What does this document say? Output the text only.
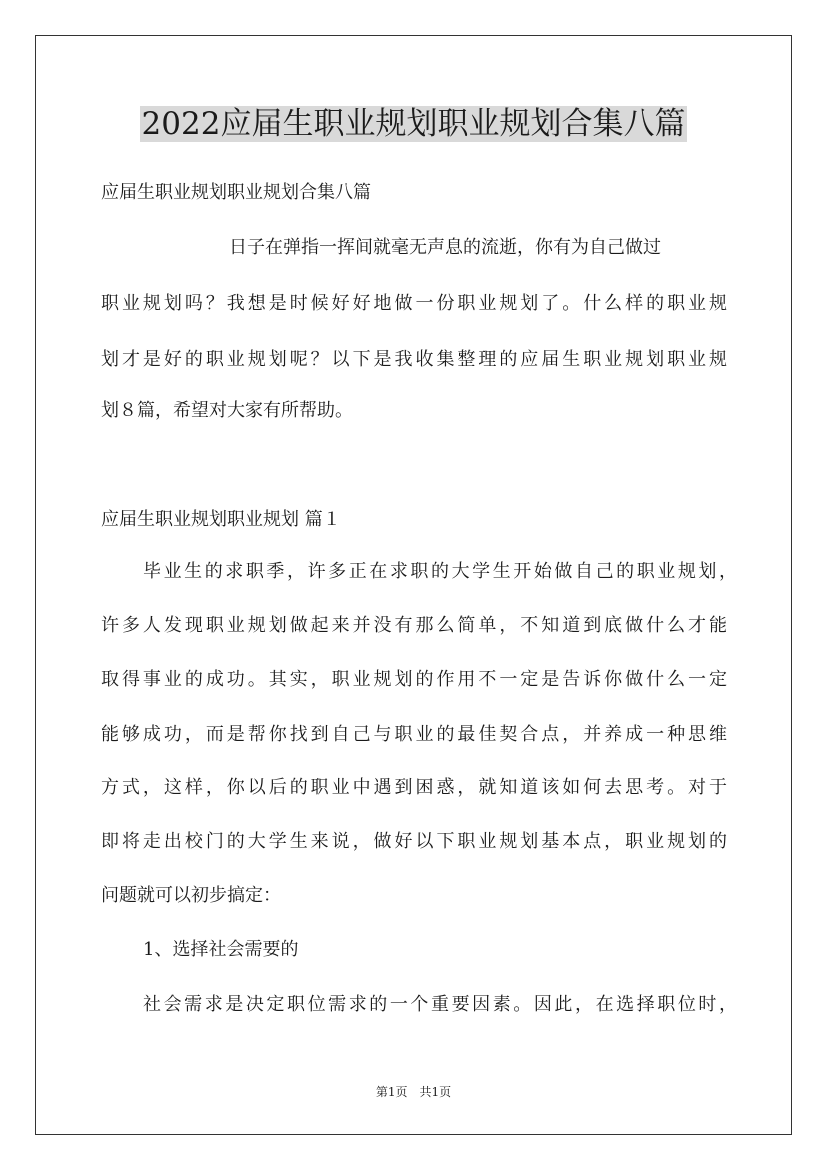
2022应届生职业规划职业规划合集八篇

应届生职业规划职业规划合集八篇

日子在弹指一挥间就毫无声息的流逝，你有为自己做过

职业规划吗？我想是时候好好地做一份职业规划了。什么样的职业规

划才是好的职业规划呢？以下是我收集整理的应届生职业规划职业规

划８篇，希望对大家有所帮助。

应届生职业规划职业规划 篇１

毕业生的求职季，许多正在求职的大学生开始做自己的职业规划，

许多人发现职业规划做起来并没有那么简单，不知道到底做什么才能

取得事业的成功。其实，职业规划的作用不一定是告诉你做什么一定

能够成功，而是帮你找到自己与职业的最佳契合点，并养成一种思维

方式，这样，你以后的职业中遇到困惑，就知道该如何去思考。对于

即将走出校门的大学生来说，做好以下职业规划基本点，职业规划的

问题就可以初步搞定：

1、选择社会需要的

社会需求是决定职位需求的一个重要因素。因此，在选择职位时，

第1页　共1页
